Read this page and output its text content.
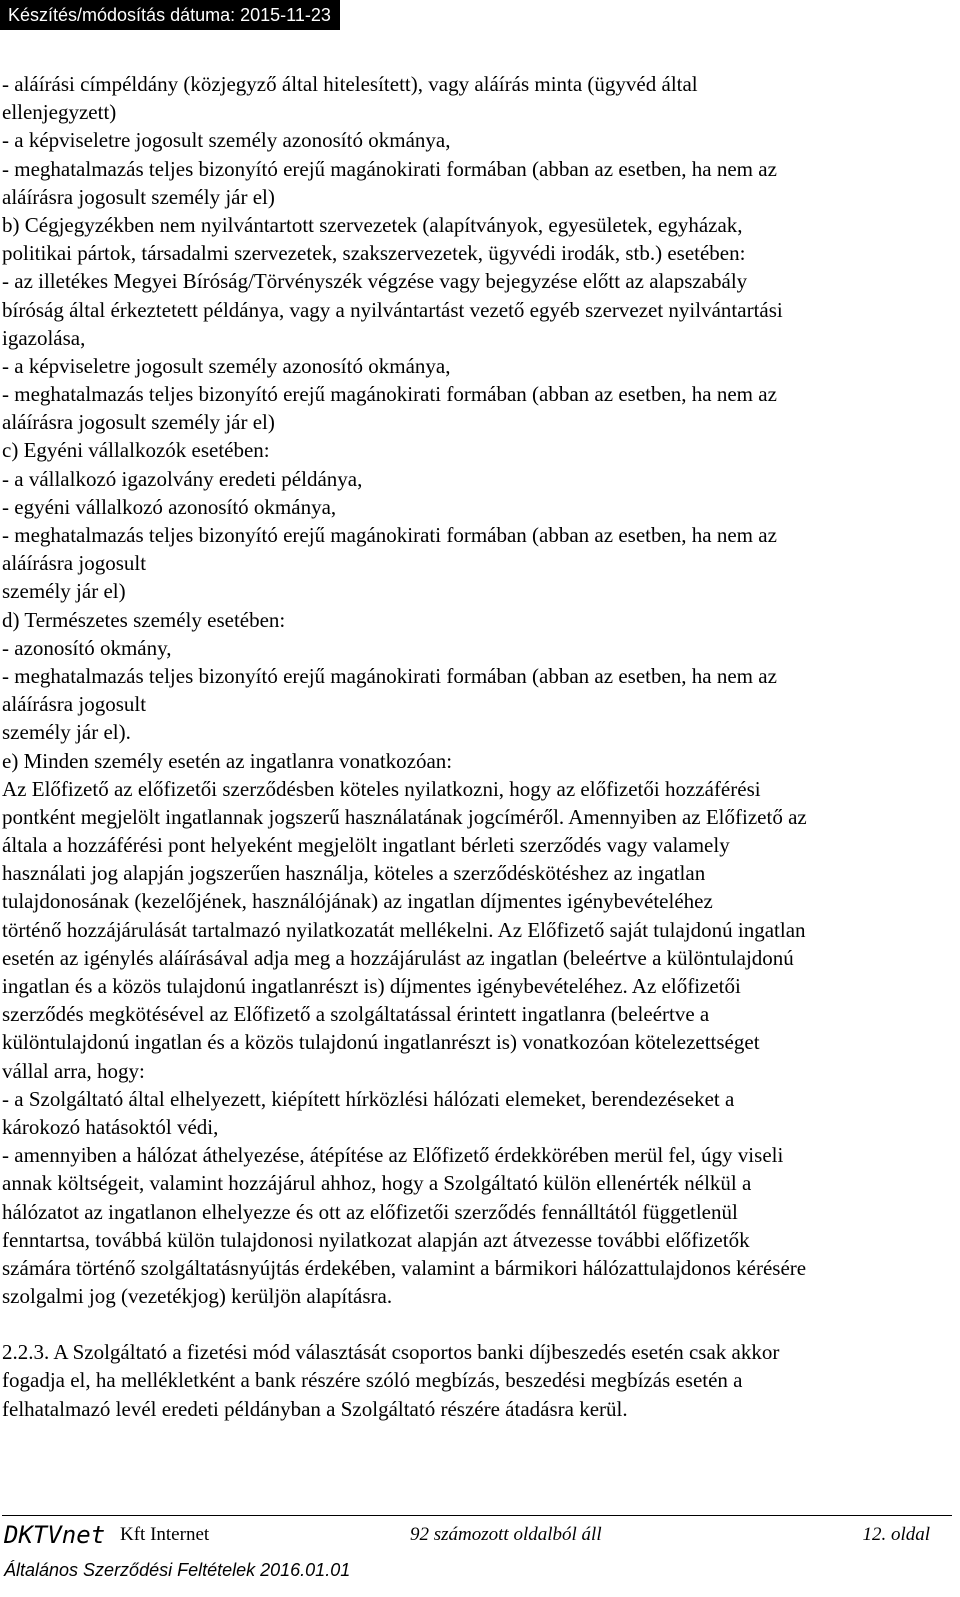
Készítés/módosítás dátuma: 2015-11-23
- aláírási címpéldány (közjegyző által hitelesített), vagy aláírás minta (ügyvéd által
ellenjegyzett)
- a képviseletre jogosult személy azonosító okmánya,
- meghatalmazás teljes bizonyító erejű magánokirati formában (abban az esetben, ha nem az
aláírásra jogosult személy jár el)
b) Cégjegyzékben nem nyilvántartott szervezetek (alapítványok, egyesületek, egyházak,
politikai pártok, társadalmi szervezetek, szakszervezetek, ügyvédi irodák, stb.) esetében:
- az illetékes Megyei Bíróság/Törvényszék végzése vagy bejegyzése előtt az alapszabály
bíróság által érkeztetett példánya, vagy a nyilvántartást vezető egyéb szervezet nyilvántartási
igazolása,
- a képviseletre jogosult személy azonosító okmánya,
- meghatalmazás teljes bizonyító erejű magánokirati formában (abban az esetben, ha nem az
aláírásra jogosult személy jár el)
c) Egyéni vállalkozók esetében:
- a vállalkozó igazolvány eredeti példánya,
- egyéni vállalkozó azonosító okmánya,
- meghatalmazás teljes bizonyító erejű magánokirati formában (abban az esetben, ha nem az
aláírásra jogosult
személy jár el)
d) Természetes személy esetében:
- azonosító okmány,
- meghatalmazás teljes bizonyító erejű magánokirati formában (abban az esetben, ha nem az
aláírásra jogosult
személy jár el).
e) Minden személy esetén az ingatlanra vonatkozóan:
Az Előfizető az előfizetői szerződésben köteles nyilatkozni, hogy az előfizetői hozzáférési
pontként megjelölt ingatlannak jogszerű használatának jogcíméről. Amennyiben az Előfizető az
általa a hozzáférési pont helyeként megjelölt ingatlant bérleti szerződés vagy valamely
használati jog alapján jogszerűen használja, köteles a szerződéskötéshez az ingatlan
tulajdonosának (kezelőjének, használójának) az ingatlan díjmentes igénybevételéhez
történő hozzájárulását tartalmazó nyilatkozatát mellékelni. Az Előfizető saját tulajdonú ingatlan
esetén az igénylés aláírásával adja meg a hozzájárulást az ingatlan (beleértve a különtulajdonú
ingatlan és a közös tulajdonú ingatlanrészt is) díjmentes igénybevételéhez. Az előfizetői
szerződés megkötésével az Előfizető a szolgáltatással érintett ingatlanra (beleértve a
különtulajdonú ingatlan és a közös tulajdonú ingatlanrészt is) vonatkozóan kötelezettséget
vállal arra, hogy:
- a Szolgáltató által elhelyezett, kiépített hírközlési hálózati elemeket, berendezéseket a
károkozó hatásoktól védi,
- amennyiben a hálózat áthelyezése, átépítése az Előfizető érdekkörében merül fel, úgy viseli
annak költségeit, valamint hozzájárul ahhoz, hogy a Szolgáltató külön ellenérték nélkül a
hálózatot az ingatlanon elhelyezze és ott az előfizetői szerződés fennálltától függetlenül
fenntartsa, továbbá külön tulajdonosi nyilatkozat alapján azt átvezesse további előfizetők
számára történő szolgáltatásnyújtás érdekében, valamint a bármikori hálózattulajdonos kérésére
szolgalmi jog (vezetékjog) kerüljön alapításra.
2.2.3. A Szolgáltató a fizetési mód választását csoportos banki díjbeszedés esetén csak akkor
fogadja el, ha mellékletként a bank részére szóló megbízás, beszedési megbízás esetén a
felhatalmazó levél eredeti példányban a Szolgáltató részére átadásra kerül.
DKTVnet Kft Internet	92 számozott oldalból áll	12. oldal
Általános Szerződési Feltételek 2016.01.01
